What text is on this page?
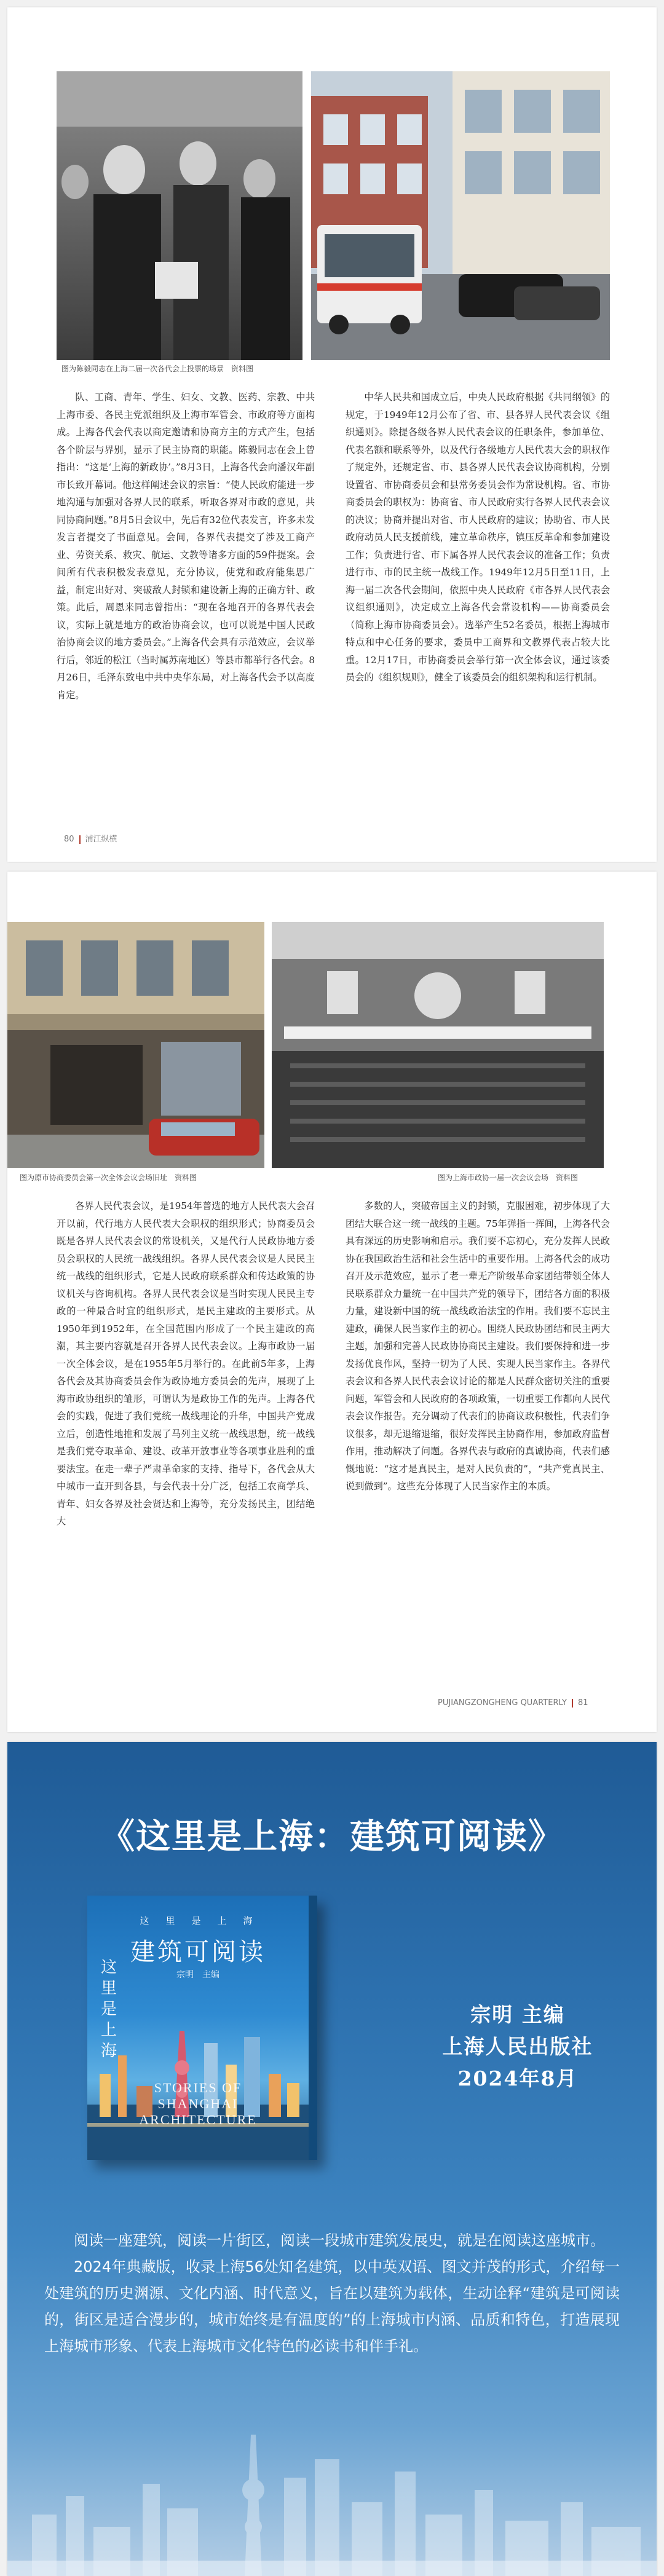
图为陈毅同志在上海二届一次各代会上投票的场景　资料图

队、工商、青年、学生、妇女、文教、医药、宗教、中共上海市委、各民主党派组织及上海市军管会、市政府等方面构成。上海各代会代表以商定邀请和协商方主的方式产生，包括各个阶层与界别，显示了民主协商的职能。陈毅同志在会上曾指出：“这是‘上海的新政协’。”8月3日，上海各代会向潘汉年副市长致开幕词。他这样阐述会议的宗旨：“使人民政府能进一步地沟通与加强对各界人民的联系，听取各界对市政的意见，共同协商问题。”8月5日会议中，先后有32位代表发言，许多未发发言者提交了书面意见。会间，各界代表提交了涉及工商产业、劳资关系、救灾、航运、文教等诸多方面的59件提案。会间所有代表积极发表意见，充分协议，使党和政府能集思广益，制定出好对、突破敌人封锁和建设新上海的正确方针、政策。此后，周恩来同志曾指出：“现在各地召开的各界代表会议，实际上就是地方的政治协商会议，也可以说是中国人民政治协商会议的地方委员会。”上海各代会具有示范效应，会议举行后，邻近的松江（当时属苏南地区）等县市都举行各代会。8月26日，毛泽东致电中共中央华东局，对上海各代会予以高度肯定。

中华人民共和国成立后，中央人民政府根据《共同纲领》的规定，于1949年12月公布了省、市、县各界人民代表会议《组织通则》。除提各级各界人民代表会议的任职条件，参加单位、代表名额和联系等外，以及代行各级地方人民代表大会的职权作了规定外，还规定省、市、县各界人民代表会议协商机构，分别设置省、市协商委员会和县常务委员会作为常设机构。省、市协商委员会的职权为：协商省、市人民政府实行各界人民代表会议的决议；协商并提出对省、市人民政府的建议；协助省、市人民政府动员人民支援前线，建立革命秩序，镇压反革命和参加建设工作；负责进行省、市下属各界人民代表会议的准备工作；负责进行市、市的民主统一战线工作。1949年12月5日至11日，上海一届二次各代会期间，依照中央人民政府《市各界人民代表会议组织通则》，决定成立上海各代会常设机构——协商委员会（简称上海市协商委员会）。选举产生52名委员，根据上海城市特点和中心任务的要求，委员中工商界和文教界代表占较大比重。12月17日，市协商委员会举行第一次全体会议，通过该委员会的《组织规则》，健全了该委员会的组织架构和运行机制。

80 浦江纵横
图为原市协商委员会第一次全体会议会场旧址　资料图	图为上海市政协一届一次会议会场　资料图

各界人民代表会议，是1954年普选的地方人民代表大会召开以前，代行地方人民代表大会职权的组织形式；协商委员会既是各界人民代表会议的常设机关，又是代行人民政协地方委员会职权的人民统一战线组织。各界人民代表会议是人民民主统一战线的组织形式，它是人民政府联系群众和传达政策的协议机关与咨询机构。各界人民代表会议是当时实现人民民主专政的一种最合时宜的组织形式，是民主建政的主要形式。从1950年到1952年，在全国范围内形成了一个民主建政的高潮，其主要内容就是召开各界人民代表会议。上海市政协一届一次全体会议，是在1955年5月举行的。在此前5年多，上海各代会及其协商委员会作为政协地方委员会的先声，展现了上海市政协组织的雏形，可谓认为是政协工作的先声。上海各代会的实践，促进了我们党统一战线理论的升华，中国共产党成立后，创造性地推和发展了马列主义统一战线思想，统一战线是我们党夺取革命、建设、改革开放事业等各项事业胜利的重要法宝。在走一辈子严肃革命家的支持、指导下，各代会从大中城市一直开到各县，与会代表十分广泛，包括工农商学兵、青年、妇女各界及社会贤达和上海等，充分发扬民主，团结绝大

多数的人，突破帝国主义的封锁，克服困难，初步体现了大团结大联合这一统一战线的主题。75年弹指一挥间，上海各代会具有深远的历史影响和启示。我们要不忘初心，充分发挥人民政协在我国政治生活和社会生活中的重要作用。上海各代会的成功召开及示范效应，显示了老一辈无产阶级革命家团结带领全体人民联系群众力量统一在中国共产党的领导下，团结各方面的积极力量，建设新中国的统一战线政治法宝的作用。我们要不忘民主建政，确保人民当家作主的初心。围绕人民政协团结和民主两大主题，加强和完善人民政协协商民主建设。我们要保持和进一步发扬优良作风，坚持一切为了人民、实现人民当家作主。各界代表会议和各界人民代表会议讨论的都是人民群众密切关注的重要问题，军管会和人民政府的各项政策，一切重要工作都向人民代表会议作报告。充分调动了代表们的协商议政积极性，代表们争议很多，却无退缩退缩，很好发挥民主协商作用，参加政府监督作用，推动解决了问题。各界代表与政府的真诚协商，代表们感慨地说：“这才是真民主，是对人民负责的”，“共产党真民主、说到做到”。这些充分体现了人民当家作主的本质。

PUJIANGZONGHENG QUARTERLY 81
《这里是上海：建筑可阅读》
这　里　是　上　海
建筑可阅读
这里是上海
宗明　主编
STORIES OF SHANGHAI ARCHITECTURE
宗明 主编
上海人民出版社
2024年8月

阅读一座建筑，阅读一片街区，阅读一段城市建筑发展史，就是在阅读这座城市。

2024年典藏版，收录上海56处知名建筑，以中英双语、图文并茂的形式，介绍每一处建筑的历史渊源、文化内涵、时代意义，旨在以建筑为载体，生动诠释“建筑是可阅读的，街区是适合漫步的，城市始终是有温度的”的上海城市内涵、品质和特色，打造展现上海城市形象、代表上海城市文化特色的必读书和伴手礼。
